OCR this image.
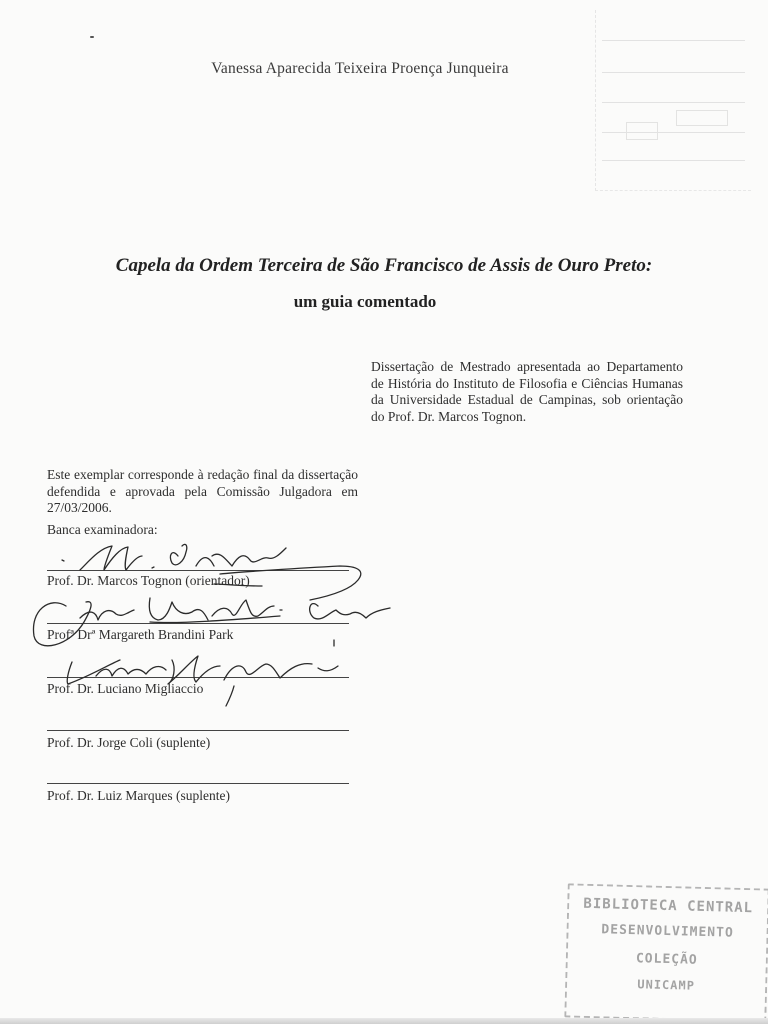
Vanessa Aparecida Teixeira Proença Junqueira
Capela da Ordem Terceira de São Francisco de Assis de Ouro Preto:
um guia comentado
Dissertação de Mestrado apresentada ao Departamento de História do Instituto de Filosofia e Ciências Humanas da Universidade Estadual de Campinas, sob orientação do Prof. Dr. Marcos Tognon.
Este exemplar corresponde à redação final da dissertação defendida e aprovada pela Comissão Julgadora em 27/03/2006.
Banca examinadora:
Prof. Dr. Marcos Tognon (orientador)
Profª Drª Margareth Brandini Park
Prof. Dr. Luciano Migliaccio
Prof. Dr. Jorge Coli (suplente)
Prof. Dr. Luiz Marques (suplente)
BIBLIOTECA CENTRAL
DESENVOLVIMENTO
COLEÇÃO
UNICAMP
